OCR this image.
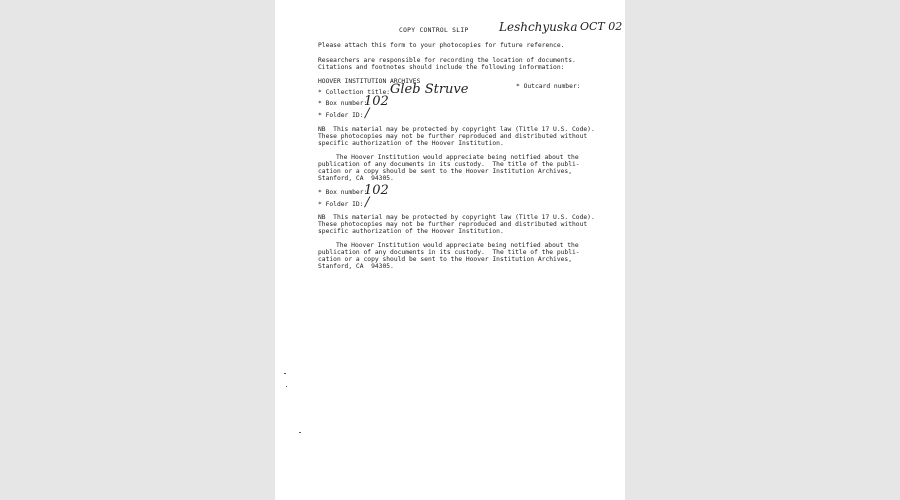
COPY CONTROL SLIP	Leshchyuska OCT 02

Please attach this form to your photocopies for future reference.

Researchers are responsible for recording the location of documents.

Citations and footnotes should include the following information:

HOOVER INSTITUTION ARCHIVES

* Collection title: Gleb Struve	* Outcard number:

* Box number:

102

* Folder ID: /

NB  This material may be protected by copyright law (Title 17 U.S. Code).

These photocopies may not be further reproduced and distributed without

specific authorization of the Hoover Institution.

The Hoover Institution would appreciate being notified about the

publication of any documents in its custody.  The title of the publi-

cation or a copy should be sent to the Hoover Institution Archives,

Stanford, CA  94305.

* Box number:

102

* Folder ID: /

NB  This material may be protected by copyright law (Title 17 U.S. Code).

These photocopies may not be further reproduced and distributed without

specific authorization of the Hoover Institution.

The Hoover Institution would appreciate being notified about the

publication of any documents in its custody.  The title of the publi-

cation or a copy should be sent to the Hoover Institution Archives,

Stanford, CA  94305.
